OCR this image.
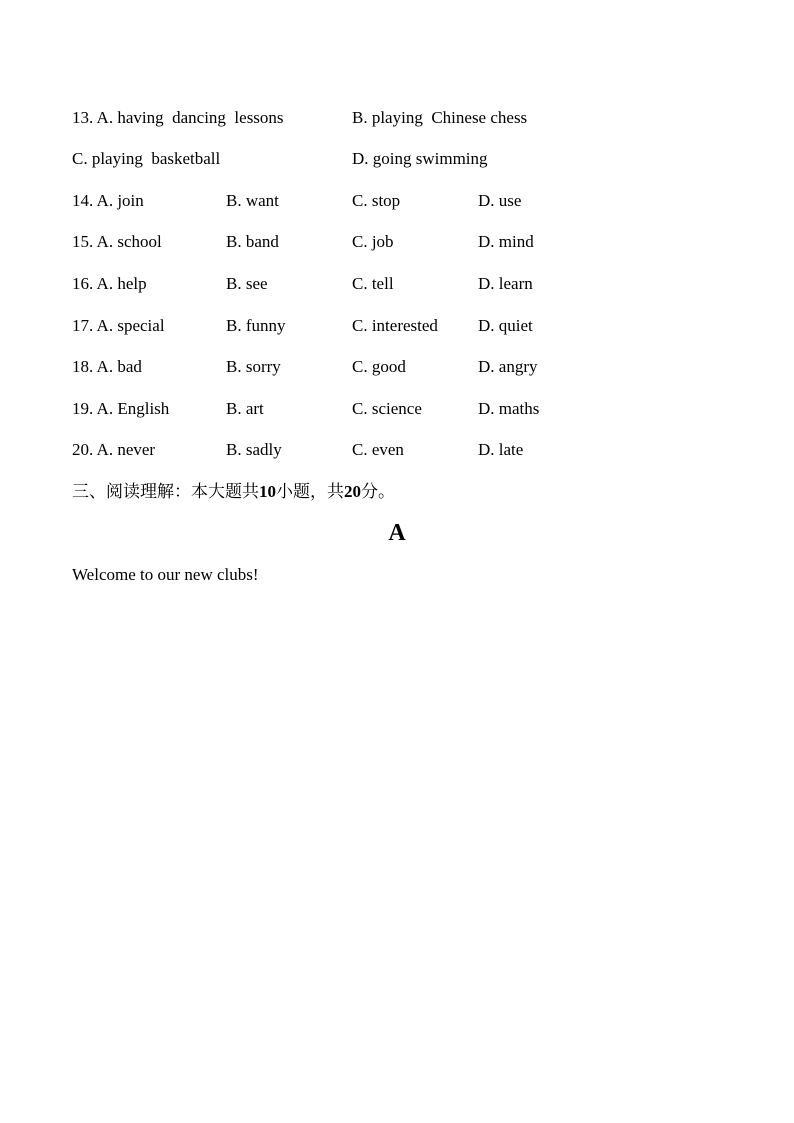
13. A. having  dancing  lessons	B. playing  Chinese chess
C. playing  basketball	D. going swimming
14. A. join	B. want	C. stop	D. use
15. A. school	B. band	C. job	D. mind
16. A. help	B. see	C. tell	D. learn
17. A. special	B. funny	C. interested D. quiet
18. A. bad	B. sorry	C. good	D. angry
19. A. English	B. art	C. science	D. maths
20. A. never	B. sadly	C. even	D. late
三、阅读理解：本大题共10小题，共20分。
A
Welcome to our new clubs!
